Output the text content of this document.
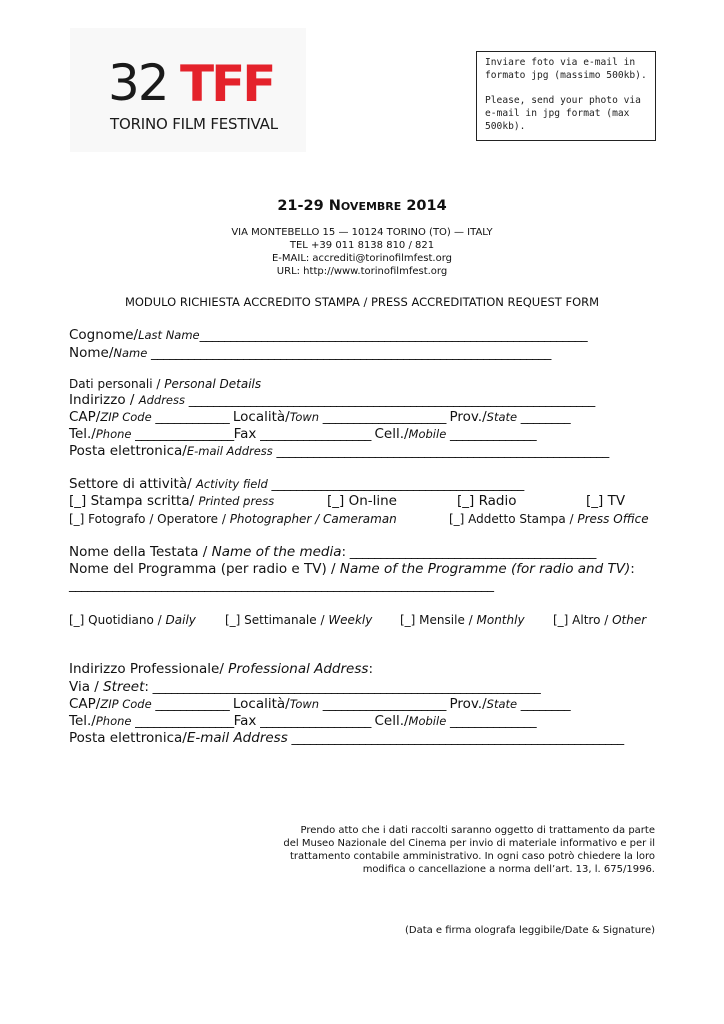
32 TFF
TORINO FILM FESTIVAL

Inviare foto via e-mail in formato jpg (massimo 500kb).

Please, send your photo via e-mail in jpg format (max 500kb).

21-29 NOVEMBRE 2014
VIA MONTEBELLO 15 — 10124 TORINO (TO) — ITALY
TEL +39 011 8138 810 / 821
E-MAIL: accrediti@torinofilmfest.org
URL: http://www.torinofilmfest.org
MODULO RICHIESTA ACCREDITO STAMPA / PRESS ACCREDITATION REQUEST FORM
Cognome/Last Name_______________________________________________________________
Nome/Name _________________________________________________________________
Dati personali / Personal Details
Indirizzo / Address __________________________________________________________________
CAP/ZIP Code ____________ Località/Town ____________________ Prov./State ________
Tel./Phone ________________Fax __________________ Cell./Mobile ______________
Posta elettronica/E-mail Address ______________________________________________________
Settore di attività/ Activity field _________________________________________
[_] Stampa scritta/ Printed press	[_] On-line	[_] Radio	[_] TV
[_] Fotografo / Operatore / Photographer / Cameraman	[_] Addetto Stampa / Press Office
Nome della Testata / Name of the media: ________________________________________
Nome del Programma (per radio e TV) / Name of the Programme (for radio and TV):
_____________________________________________________________________
[_] Quotidiano / Daily [_] Settimanale / Weekly [_] Mensile / Monthly [_] Altro / Other
Indirizzo Professionale/ Professional Address:
Via / Street: _______________________________________________________________
CAP/ZIP Code ____________ Località/Town ____________________ Prov./State ________
Tel./Phone ________________Fax __________________ Cell./Mobile ______________
Posta elettronica/E-mail Address ______________________________________________________
Prendo atto che i dati raccolti saranno oggetto di trattamento da parte
del Museo Nazionale del Cinema per invio di materiale informativo e per il
trattamento contabile amministrativo. In ogni caso potrò chiedere la loro
modifica o cancellazione a norma dell’art. 13, l. 675/1996.
(Data e firma olografa leggibile/Date & Signature)
